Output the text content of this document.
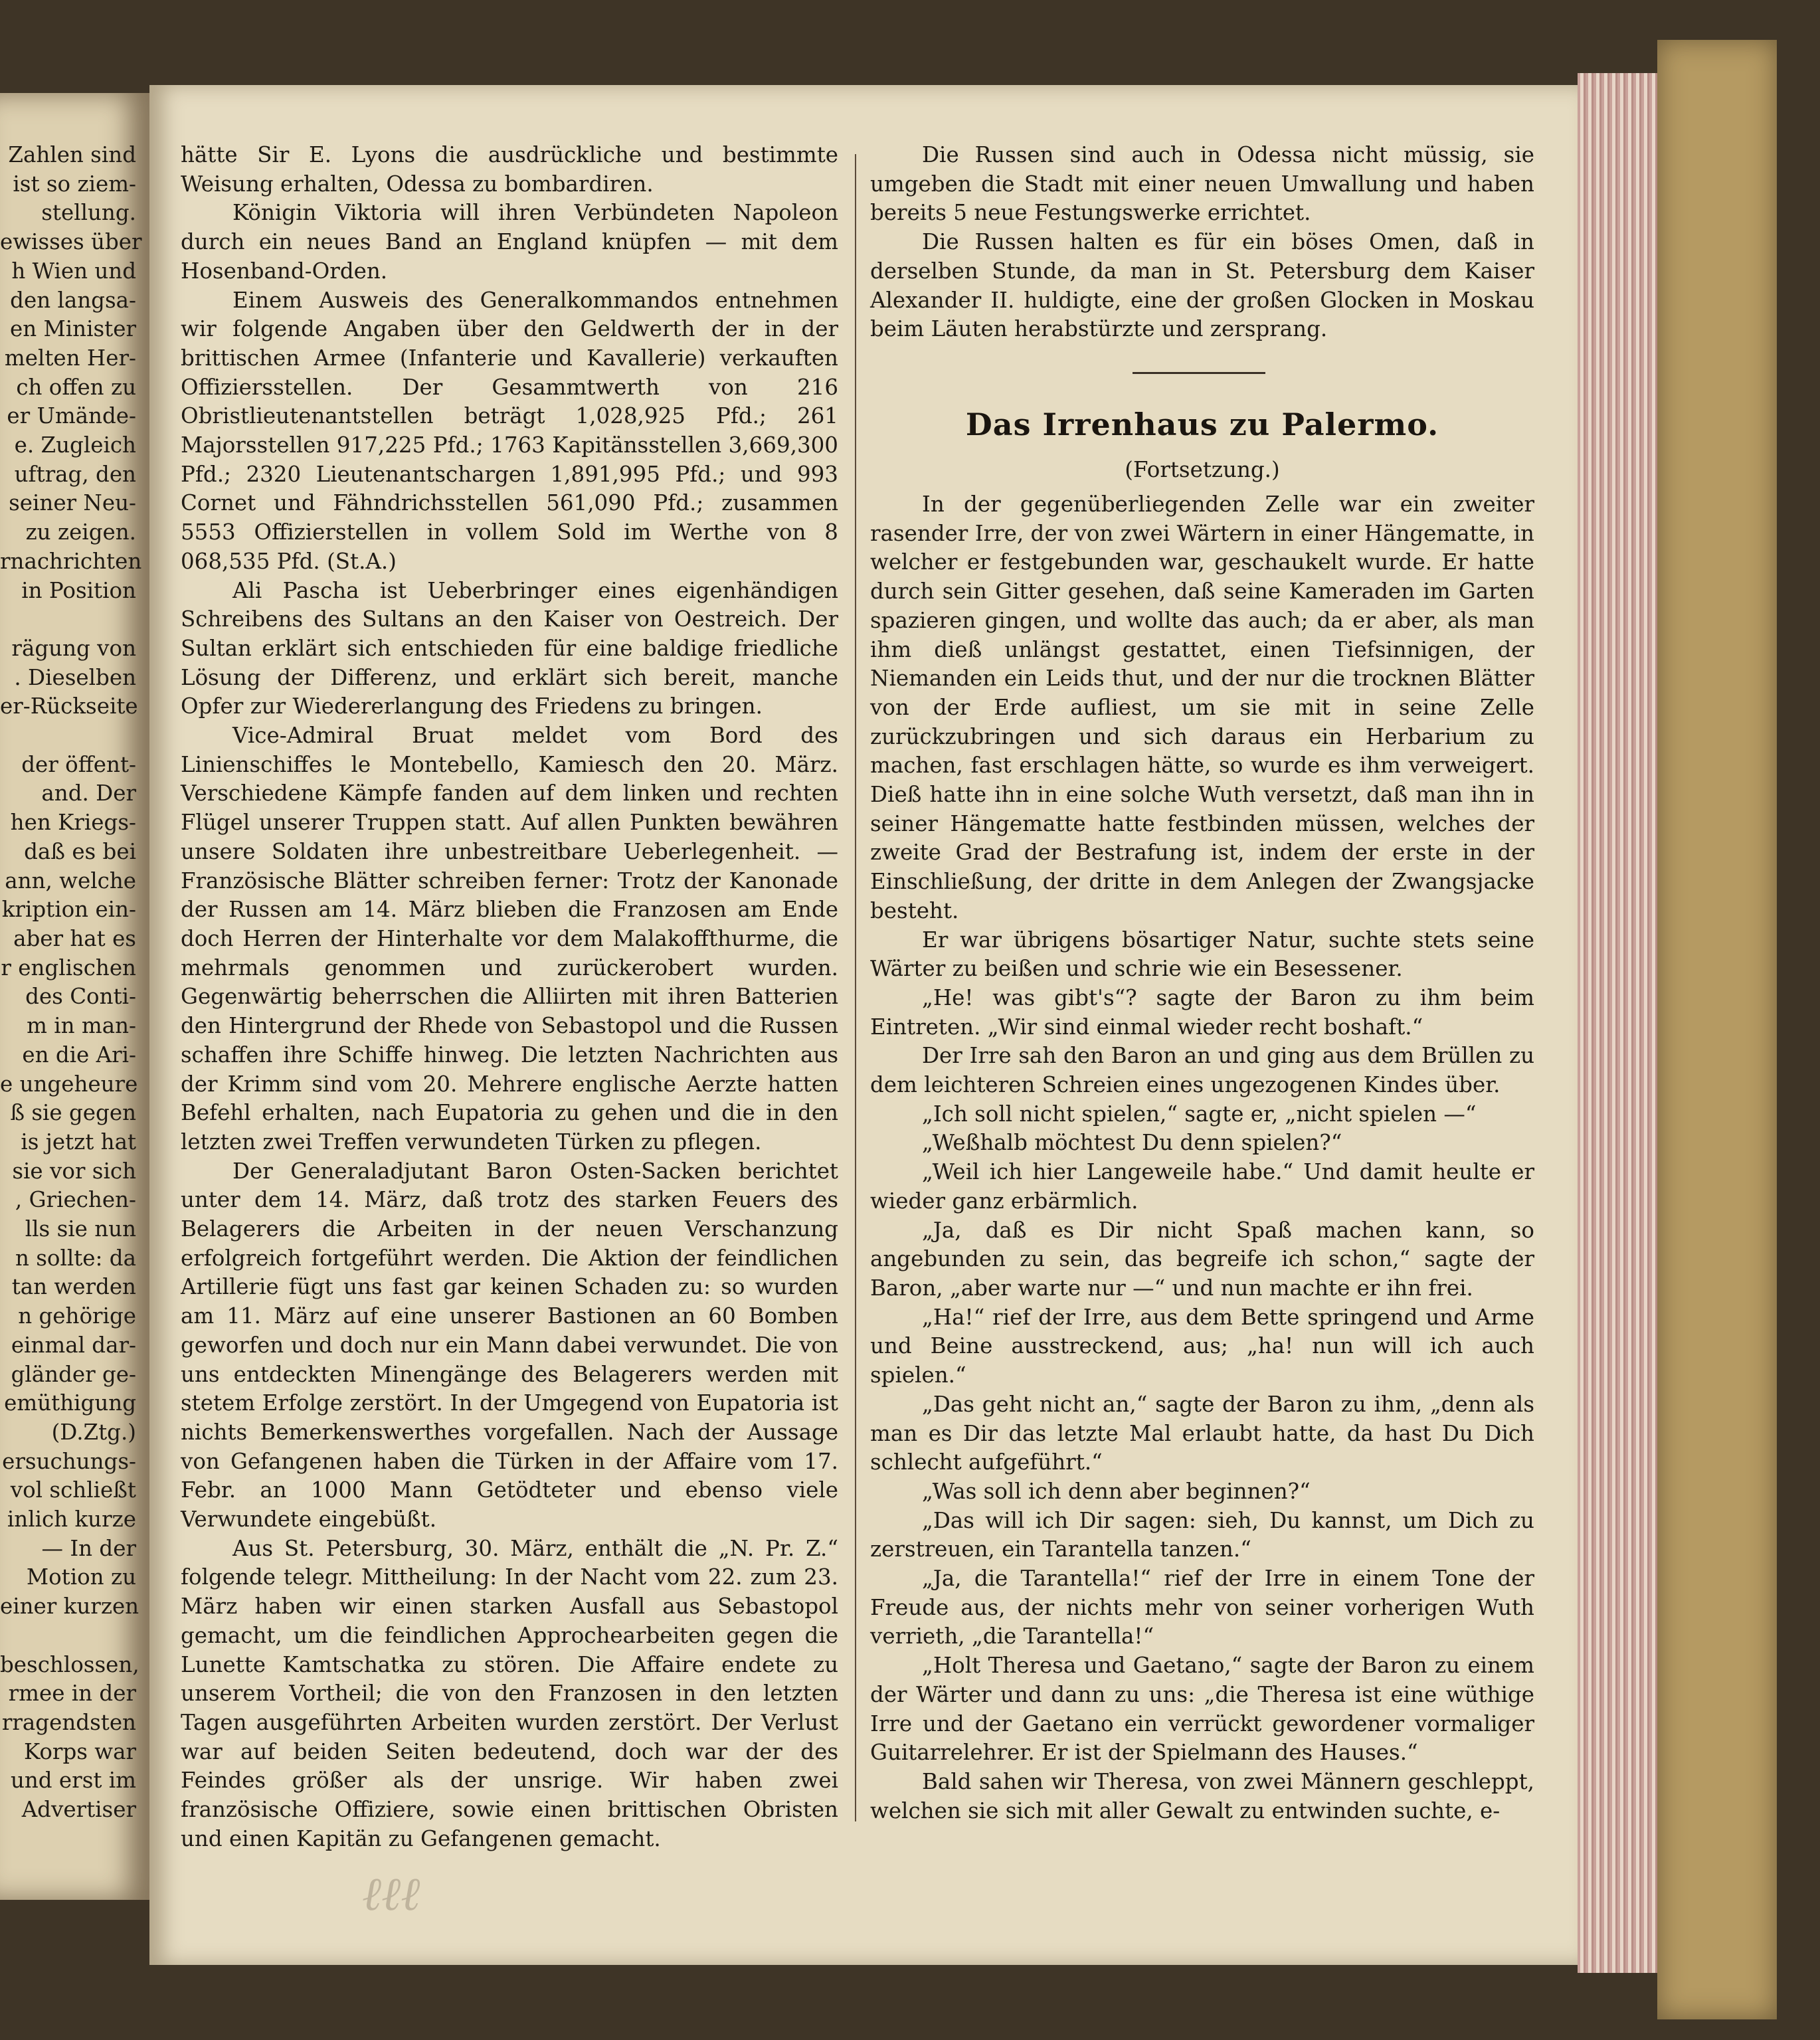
Zahlen sind
ist so ziem-
stellung.
ewisses über
h Wien und
den langsa-
en Minister
melten Her-
ch offen zu
er Umände-
e. Zugleich
uftrag, den
seiner Neu-
zu zeigen.
rnachrichten
in Position

rägung von
. Dieselben
er-Rückseite

der öffent-
and. Der
hen Kriegs-
daß es bei
ann, welche
kription ein-
aber hat es
r englischen
des Conti-
m in man-
en die Ari-
e ungeheure
ß sie gegen
is jetzt hat
sie vor sich
, Griechen-
lls sie nun
n sollte: da
tan werden
n gehörige
einmal dar-
gländer ge-
emüthigung
(D.Ztg.)
ersuchungs-
vol schließt
inlich kurze
— In der
Motion zu
einer kurzen

beschlossen,
rmee in der
rragendsten
Korps war
und erst im
Advertiser

hätte Sir E. Lyons die ausdrückliche und bestimmte Weisung erhalten, Odessa zu bombardiren.

Königin Viktoria will ihren Verbündeten Napoleon durch ein neues Band an England knüpfen — mit dem Hosenband-Orden.

Einem Ausweis des Generalkommandos entnehmen wir folgende Angaben über den Geldwerth der in der brittischen Armee (Infanterie und Kavallerie) verkauften Offiziersstellen. Der Gesammtwerth von 216 Obristlieutenantstellen beträgt 1,028,925 Pfd.; 261 Majorsstellen 917,225 Pfd.; 1763 Kapitänsstellen 3,669,300 Pfd.; 2320 Lieutenantschargen 1,891,995 Pfd.; und 993 Cornet und Fähndrichsstellen 561,090 Pfd.; zusammen 5553 Offizierstellen in vollem Sold im Werthe von 8 068,535 Pfd. (St.A.)

Ali Pascha ist Ueberbringer eines eigenhändigen Schreibens des Sultans an den Kaiser von Oestreich. Der Sultan erklärt sich entschieden für eine baldige friedliche Lösung der Differenz, und erklärt sich bereit, manche Opfer zur Wiedererlangung des Friedens zu bringen.

Vice-Admiral Bruat meldet vom Bord des Linienschiffes le Montebello, Kamiesch den 20. März. Verschiedene Kämpfe fanden auf dem linken und rechten Flügel unserer Truppen statt. Auf allen Punkten bewähren unsere Soldaten ihre unbestreitbare Ueberlegenheit. — Französische Blätter schreiben ferner: Trotz der Kanonade der Russen am 14. März blieben die Franzosen am Ende doch Herren der Hinterhalte vor dem Malakoffthurme, die mehrmals genommen und zurückerobert wurden. Gegenwärtig beherrschen die Alliirten mit ihren Batterien den Hintergrund der Rhede von Sebastopol und die Russen schaffen ihre Schiffe hinweg. Die letzten Nachrichten aus der Krimm sind vom 20. Mehrere englische Aerzte hatten Befehl erhalten, nach Eupatoria zu gehen und die in den letzten zwei Treffen verwundeten Türken zu pflegen.

Der Generaladjutant Baron Osten-Sacken berichtet unter dem 14. März, daß trotz des starken Feuers des Belagerers die Arbeiten in der neuen Verschanzung erfolgreich fortgeführt werden. Die Aktion der feindlichen Artillerie fügt uns fast gar keinen Schaden zu: so wurden am 11. März auf eine unserer Bastionen an 60 Bomben geworfen und doch nur ein Mann dabei verwundet. Die von uns entdeckten Minengänge des Belagerers werden mit stetem Erfolge zerstört. In der Umgegend von Eupatoria ist nichts Bemerkenswerthes vorgefallen. Nach der Aussage von Gefangenen haben die Türken in der Affaire vom 17. Febr. an 1000 Mann Getödteter und ebenso viele Verwundete eingebüßt.

Aus St. Petersburg, 30. März, enthält die „N. Pr. Z.“ folgende telegr. Mittheilung: In der Nacht vom 22. zum 23. März haben wir einen starken Ausfall aus Sebastopol gemacht, um die feindlichen Approchearbeiten gegen die Lunette Kamtschatka zu stören. Die Affaire endete zu unserem Vortheil; die von den Franzosen in den letzten Tagen ausgeführten Arbeiten wurden zerstört. Der Verlust war auf beiden Seiten bedeutend, doch war der des Feindes größer als der unsrige. Wir haben zwei französische Offiziere, sowie einen brittischen Obristen und einen Kapitän zu Gefangenen gemacht.

Die Russen sind auch in Odessa nicht müssig, sie umgeben die Stadt mit einer neuen Umwallung und haben bereits 5 neue Festungswerke errichtet.

Die Russen halten es für ein böses Omen, daß in derselben Stunde, da man in St. Petersburg dem Kaiser Alexander II. huldigte, eine der großen Glocken in Moskau beim Läuten herabstürzte und zersprang.

Das Irrenhaus zu Palermo.
(Fortsetzung.)

In der gegenüberliegenden Zelle war ein zweiter rasender Irre, der von zwei Wärtern in einer Hängematte, in welcher er festgebunden war, geschaukelt wurde. Er hatte durch sein Gitter gesehen, daß seine Kameraden im Garten spazieren gingen, und wollte das auch; da er aber, als man ihm dieß unlängst gestattet, einen Tiefsinnigen, der Niemanden ein Leids thut, und der nur die trocknen Blätter von der Erde aufliest, um sie mit in seine Zelle zurückzubringen und sich daraus ein Herbarium zu machen, fast erschlagen hätte, so wurde es ihm verweigert. Dieß hatte ihn in eine solche Wuth versetzt, daß man ihn in seiner Hängematte hatte festbinden müssen, welches der zweite Grad der Bestrafung ist, indem der erste in der Einschließung, der dritte in dem Anlegen der Zwangsjacke besteht.

Er war übrigens bösartiger Natur, suchte stets seine Wärter zu beißen und schrie wie ein Besessener.

„He! was gibt's“? sagte der Baron zu ihm beim Eintreten. „Wir sind einmal wieder recht boshaft.“

Der Irre sah den Baron an und ging aus dem Brüllen zu dem leichteren Schreien eines ungezogenen Kindes über.

„Ich soll nicht spielen,“ sagte er, „nicht spielen —“

„Weßhalb möchtest Du denn spielen?“

„Weil ich hier Langeweile habe.“ Und damit heulte er wieder ganz erbärmlich.

„Ja, daß es Dir nicht Spaß machen kann, so angebunden zu sein, das begreife ich schon,“ sagte der Baron, „aber warte nur —“ und nun machte er ihn frei.

„Ha!“ rief der Irre, aus dem Bette springend und Arme und Beine ausstreckend, aus; „ha! nun will ich auch spielen.“

„Das geht nicht an,“ sagte der Baron zu ihm, „denn als man es Dir das letzte Mal erlaubt hatte, da hast Du Dich schlecht aufgeführt.“

„Was soll ich denn aber beginnen?“

„Das will ich Dir sagen: sieh, Du kannst, um Dich zu zerstreuen, ein Tarantella tanzen.“

„Ja, die Tarantella!“ rief der Irre in einem Tone der Freude aus, der nichts mehr von seiner vorherigen Wuth verrieth, „die Tarantella!“

„Holt Theresa und Gaetano,“ sagte der Baron zu einem der Wärter und dann zu uns: „die Theresa ist eine wüthige Irre und der Gaetano ein verrückt gewordener vormaliger Guitarrelehrer. Er ist der Spielmann des Hauses.“

Bald sahen wir Theresa, von zwei Männern geschleppt, welchen sie sich mit aller Gewalt zu entwinden suchte, e-

ℓℓℓ
